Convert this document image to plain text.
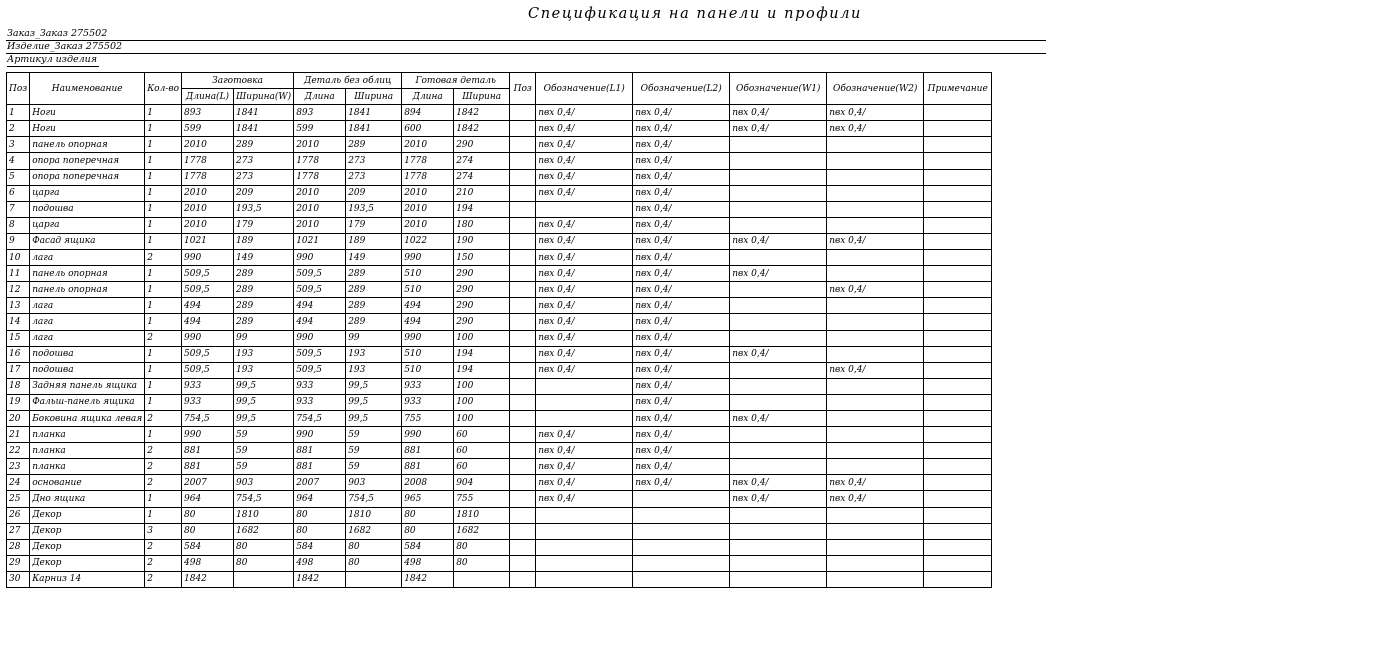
Специфuкация на панели и профили
Заказ_Заказ 275502
Изделие_Заказ 275502
Артикул изделия
Поз	Наименование	Кол-во	Заготовка		Деталь без облиц		Готовая деталь		Поз	Обозначение(L1)	Обозначение(L2)	Обозначение(W1)	Обозначение(W2)	Примечание
			Длина(L)	Ширина(W)	Длина	Ширина	Длина	Ширина						
1	Ноги	1	893	1841	893	1841	894	1842		пвх 0,4/	пвх 0,4/	пвх 0,4/	пвх 0,4/	
2	Ноги	1	599	1841	599	1841	600	1842		пвх 0,4/	пвх 0,4/	пвх 0,4/	пвх 0,4/	
3	панель опорная	1	2010	289	2010	289	2010	290		пвх 0,4/	пвх 0,4/			
4	опора поперечная	1	1778	273	1778	273	1778	274		пвх 0,4/	пвх 0,4/			
5	опора поперечная	1	1778	273	1778	273	1778	274		пвх 0,4/	пвх 0,4/			
6	царга	1	2010	209	2010	209	2010	210		пвх 0,4/	пвх 0,4/			
7	подошва	1	2010	193,5	2010	193,5	2010	194			пвх 0,4/			
8	царга	1	2010	179	2010	179	2010	180		пвх 0,4/	пвх 0,4/			
9	Фасад ящика	1	1021	189	1021	189	1022	190		пвх 0,4/	пвх 0,4/	пвх 0,4/	пвх 0,4/	
10	лага	2	990	149	990	149	990	150		пвх 0,4/	пвх 0,4/			
11	панель опорная	1	509,5	289	509,5	289	510	290		пвх 0,4/	пвх 0,4/	пвх 0,4/		
12	панель опорная	1	509,5	289	509,5	289	510	290		пвх 0,4/	пвх 0,4/		пвх 0,4/	
13	лага	1	494	289	494	289	494	290		пвх 0,4/	пвх 0,4/			
14	лага	1	494	289	494	289	494	290		пвх 0,4/	пвх 0,4/			
15	лага	2	990	99	990	99	990	100		пвх 0,4/	пвх 0,4/			
16	подошва	1	509,5	193	509,5	193	510	194		пвх 0,4/	пвх 0,4/	пвх 0,4/		
17	подошва	1	509,5	193	509,5	193	510	194		пвх 0,4/	пвх 0,4/		пвх 0,4/	
18	Задняя панель ящика	1	933	99,5	933	99,5	933	100			пвх 0,4/			
19	Фальш-панель ящика	1	933	99,5	933	99,5	933	100			пвх 0,4/			
20	Боковина ящика левая	2	754,5	99,5	754,5	99,5	755	100			пвх 0,4/	пвх 0,4/		
21	планка	1	990	59	990	59	990	60		пвх 0,4/	пвх 0,4/			
22	планка	2	881	59	881	59	881	60		пвх 0,4/	пвх 0,4/			
23	планка	2	881	59	881	59	881	60		пвх 0,4/	пвх 0,4/			
24	основание	2	2007	903	2007	903	2008	904		пвх 0,4/	пвх 0,4/	пвх 0,4/	пвх 0,4/	
25	Дно ящика	1	964	754,5	964	754,5	965	755		пвх 0,4/		пвх 0,4/	пвх 0,4/	
26	Декор	1	80	1810	80	1810	80	1810						
27	Декор	3	80	1682	80	1682	80	1682						
28	Декор	2	584	80	584	80	584	80						
29	Декор	2	498	80	498	80	498	80						
30	Карниз 14	2	1842		1842		1842							
